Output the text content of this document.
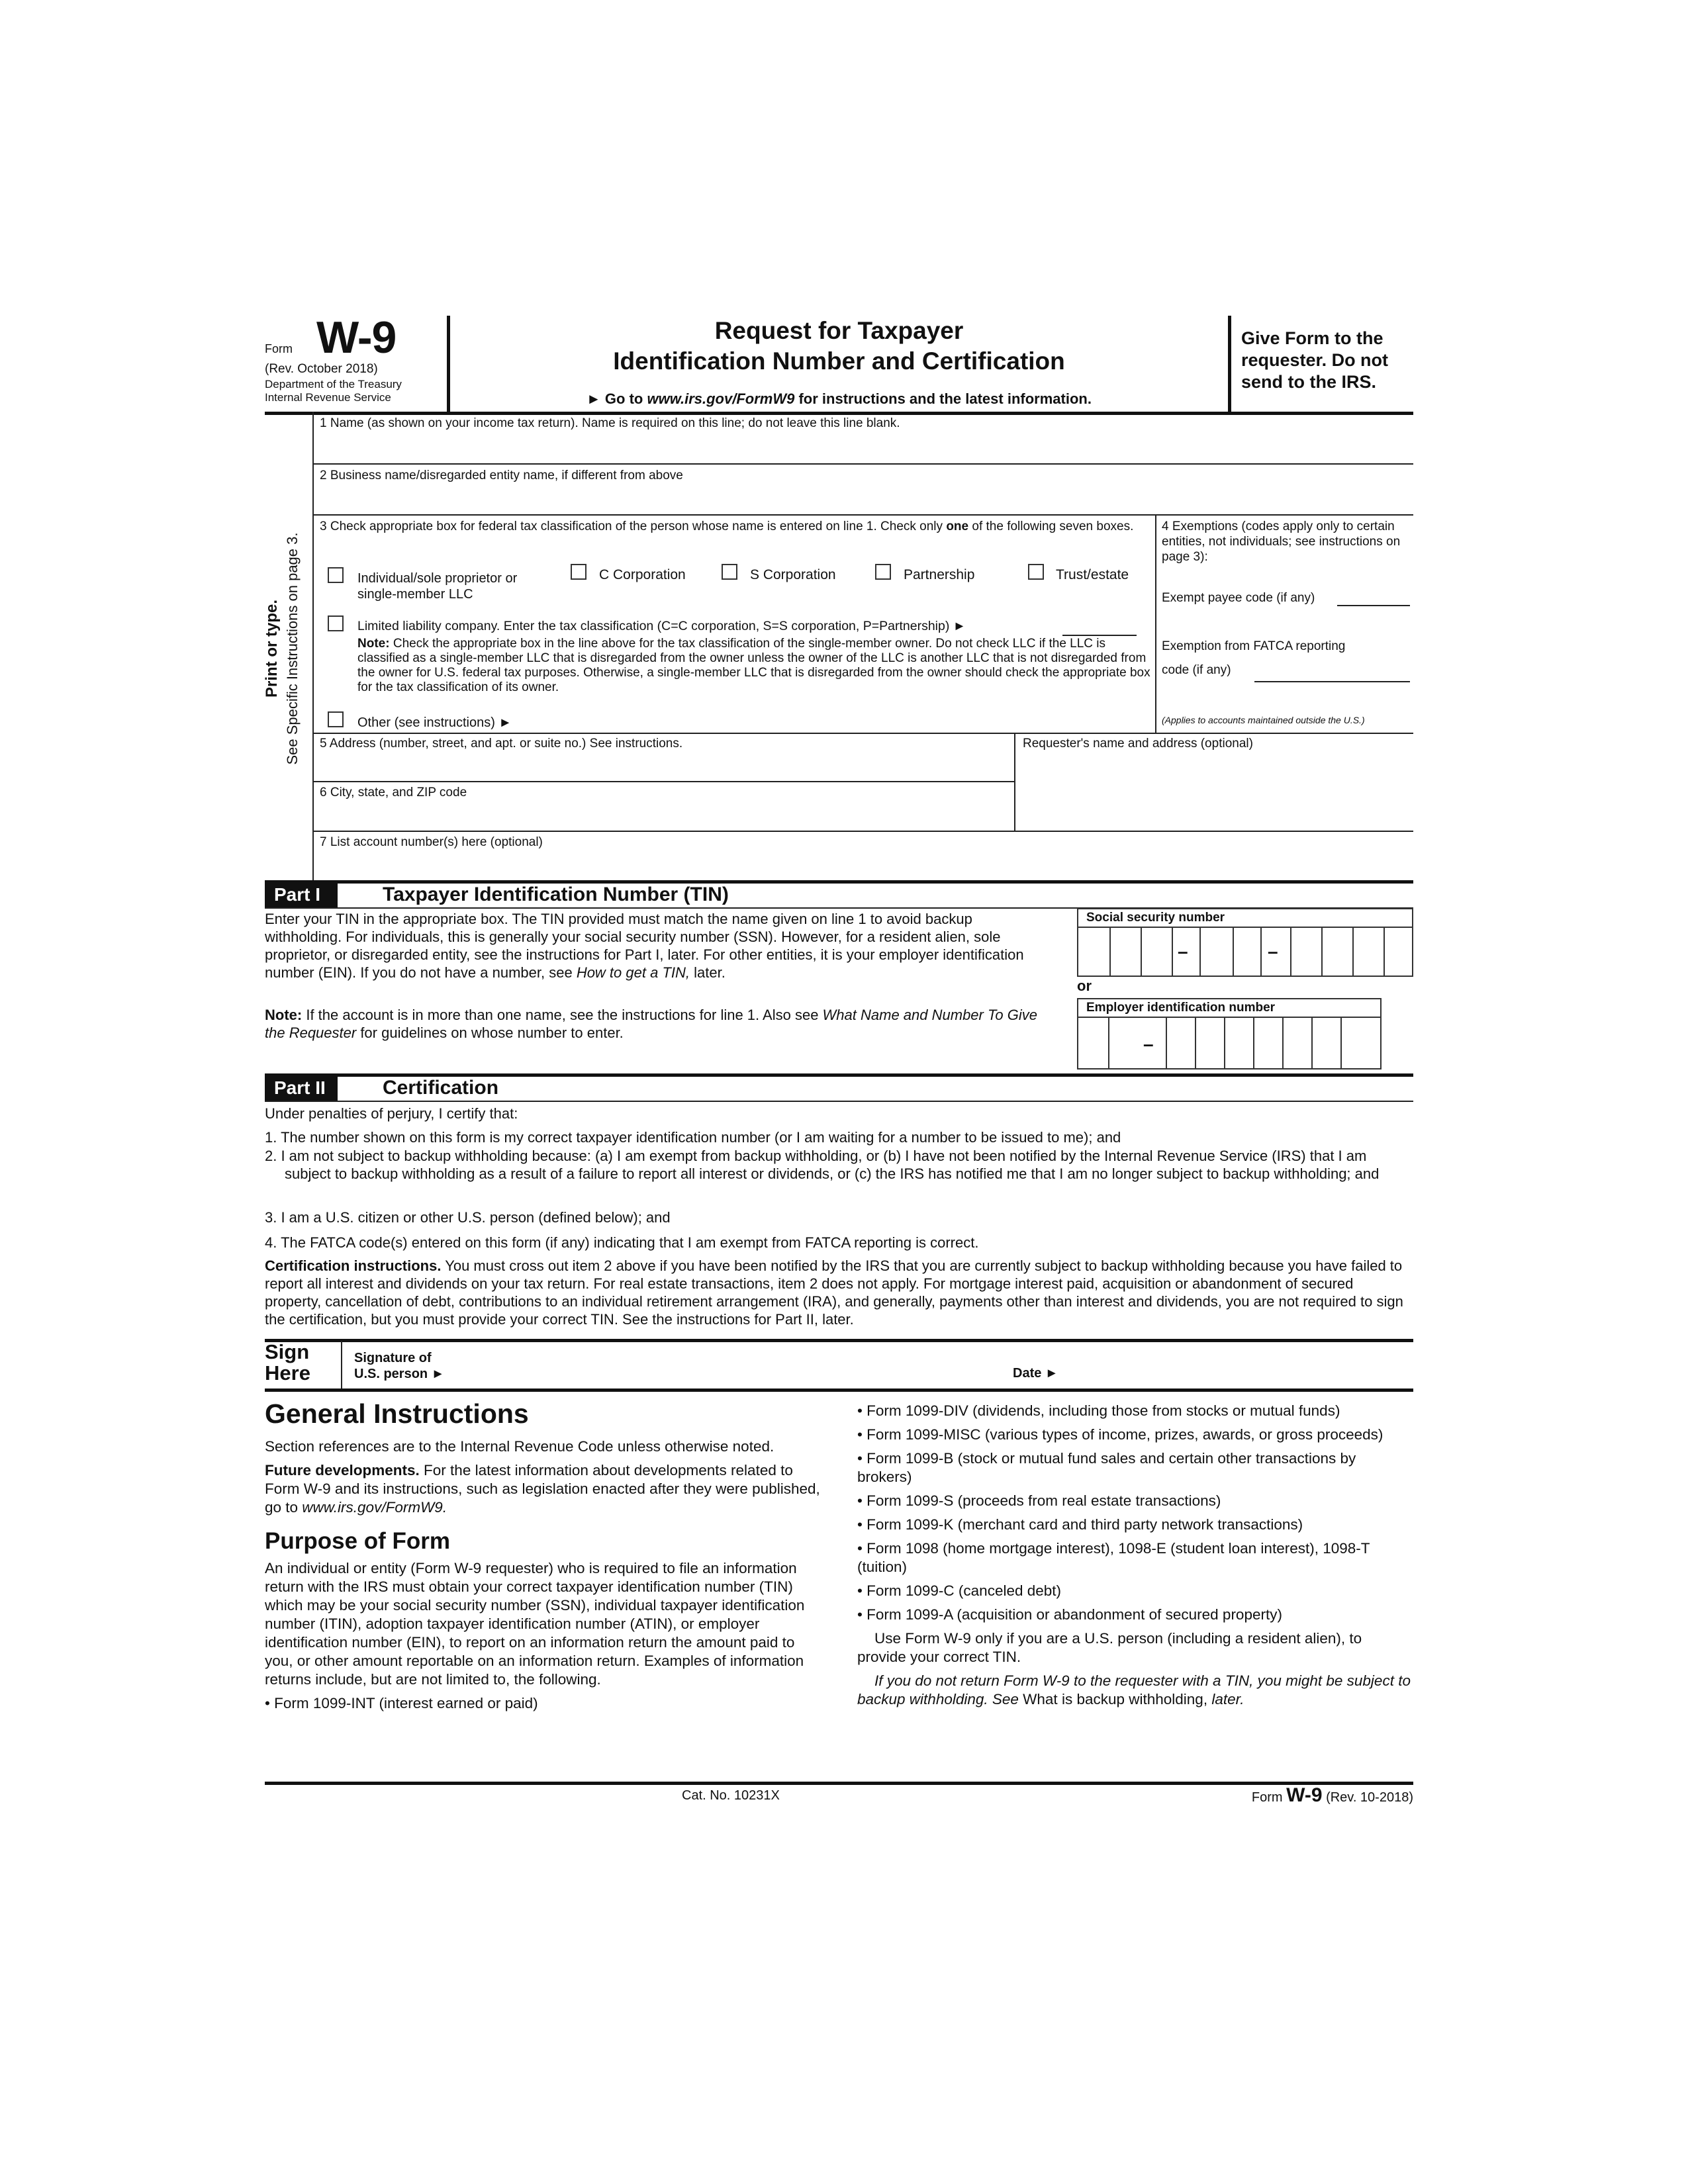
Form W-9
(Rev. October 2018)
Department of the Treasury
Internal Revenue Service
Request for Taxpayer
Identification Number and Certification
► Go to www.irs.gov/FormW9 for instructions and the latest information.
Give Form to the requester. Do not send to the IRS.
Print or type. See Specific Instructions on page 3.
1 Name (as shown on your income tax return). Name is required on this line; do not leave this line blank.
2 Business name/disregarded entity name, if different from above
3 Check appropriate box for federal tax classification of the person whose name is entered on line 1. Check only one of the following seven boxes.
Individual/sole proprietor or single-member LLC
C Corporation	S Corporation	Partnership	Trust/estate
Limited liability company. Enter the tax classification (C=C corporation, S=S corporation, P=Partnership) ►
Note: Check the appropriate box in the line above for the tax classification of the single-member owner. Do not check LLC if the LLC is classified as a single-member LLC that is disregarded from the owner unless the owner of the LLC is another LLC that is not disregarded from the owner for U.S. federal tax purposes. Otherwise, a single-member LLC that is disregarded from the owner should check the appropriate box for the tax classification of its owner.
Other (see instructions) ►
4 Exemptions (codes apply only to certain entities, not individuals; see instructions on page 3):
Exempt payee code (if any)
Exemption from FATCA reporting
code (if any)
(Applies to accounts maintained outside the U.S.)
5 Address (number, street, and apt. or suite no.) See instructions.	Requester's name and address (optional)
6 City, state, and ZIP code
7 List account number(s) here (optional)
Part I	Taxpayer Identification Number (TIN)
Enter your TIN in the appropriate box. The TIN provided must match the name given on line 1 to avoid backup withholding. For individuals, this is generally your social security number (SSN). However, for a resident alien, sole proprietor, or disregarded entity, see the instructions for Part I, later. For other entities, it is your employer identification number (EIN). If you do not have a number, see How to get a TIN, later.
Note: If the account is in more than one name, see the instructions for line 1. Also see What Name and Number To Give the Requester for guidelines on whose number to enter.
Social security number
–	–
or
Employer identification number
–
Part II	Certification
Under penalties of perjury, I certify that:
1. The number shown on this form is my correct taxpayer identification number (or I am waiting for a number to be issued to me); and
2. I am not subject to backup withholding because: (a) I am exempt from backup withholding, or (b) I have not been notified by the Internal Revenue Service (IRS) that I am subject to backup withholding as a result of a failure to report all interest or dividends, or (c) the IRS has notified me that I am no longer subject to backup withholding; and
3. I am a U.S. citizen or other U.S. person (defined below); and
4. The FATCA code(s) entered on this form (if any) indicating that I am exempt from FATCA reporting is correct.
Certification instructions. You must cross out item 2 above if you have been notified by the IRS that you are currently subject to backup withholding because you have failed to report all interest and dividends on your tax return. For real estate transactions, item 2 does not apply. For mortgage interest paid, acquisition or abandonment of secured property, cancellation of debt, contributions to an individual retirement arrangement (IRA), and generally, payments other than interest and dividends, you are not required to sign the certification, but you must provide your correct TIN. See the instructions for Part II, later.
Sign
Here
Signature of
U.S. person ►	Date ►
General Instructions

Section references are to the Internal Revenue Code unless otherwise noted.

Future developments. For the latest information about developments related to Form W-9 and its instructions, such as legislation enacted after they were published, go to www.irs.gov/FormW9.

Purpose of Form

An individual or entity (Form W-9 requester) who is required to file an information return with the IRS must obtain your correct taxpayer identification number (TIN) which may be your social security number (SSN), individual taxpayer identification number (ITIN), adoption taxpayer identification number (ATIN), or employer identification number (EIN), to report on an information return the amount paid to you, or other amount reportable on an information return. Examples of information returns include, but are not limited to, the following.

• Form 1099-INT (interest earned or paid)

• Form 1099-DIV (dividends, including those from stocks or mutual funds)

• Form 1099-MISC (various types of income, prizes, awards, or gross proceeds)

• Form 1099-B (stock or mutual fund sales and certain other transactions by brokers)

• Form 1099-S (proceeds from real estate transactions)

• Form 1099-K (merchant card and third party network transactions)

• Form 1098 (home mortgage interest), 1098-E (student loan interest), 1098-T (tuition)

• Form 1099-C (canceled debt)

• Form 1099-A (acquisition or abandonment of secured property)

Use Form W-9 only if you are a U.S. person (including a resident alien), to provide your correct TIN.

If you do not return Form W-9 to the requester with a TIN, you might be subject to backup withholding. See What is backup withholding, later.

Cat. No. 10231X	Form W-9 (Rev. 10-2018)
